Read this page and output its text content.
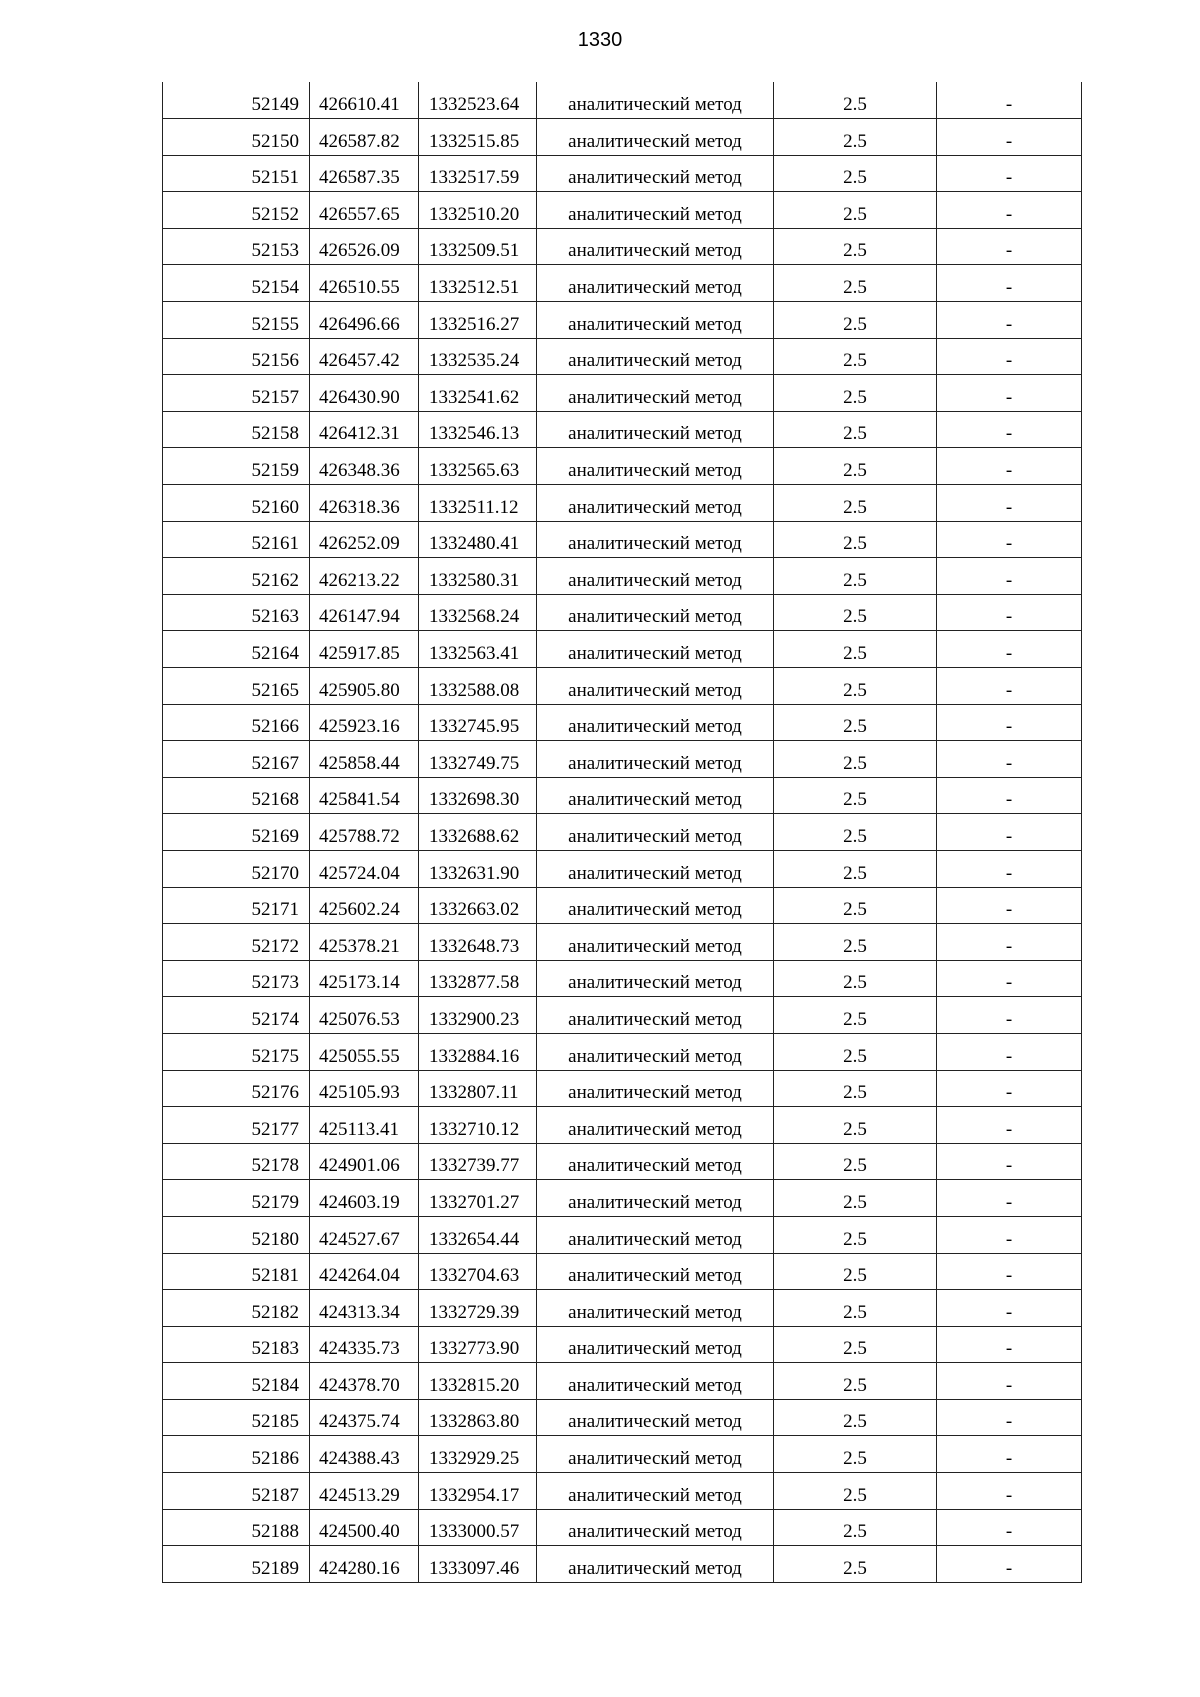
1330
52149	426610.41	1332523.64	аналитический метод	2.5	-
52150	426587.82	1332515.85	аналитический метод	2.5	-
52151	426587.35	1332517.59	аналитический метод	2.5	-
52152	426557.65	1332510.20	аналитический метод	2.5	-
52153	426526.09	1332509.51	аналитический метод	2.5	-
52154	426510.55	1332512.51	аналитический метод	2.5	-
52155	426496.66	1332516.27	аналитический метод	2.5	-
52156	426457.42	1332535.24	аналитический метод	2.5	-
52157	426430.90	1332541.62	аналитический метод	2.5	-
52158	426412.31	1332546.13	аналитический метод	2.5	-
52159	426348.36	1332565.63	аналитический метод	2.5	-
52160	426318.36	1332511.12	аналитический метод	2.5	-
52161	426252.09	1332480.41	аналитический метод	2.5	-
52162	426213.22	1332580.31	аналитический метод	2.5	-
52163	426147.94	1332568.24	аналитический метод	2.5	-
52164	425917.85	1332563.41	аналитический метод	2.5	-
52165	425905.80	1332588.08	аналитический метод	2.5	-
52166	425923.16	1332745.95	аналитический метод	2.5	-
52167	425858.44	1332749.75	аналитический метод	2.5	-
52168	425841.54	1332698.30	аналитический метод	2.5	-
52169	425788.72	1332688.62	аналитический метод	2.5	-
52170	425724.04	1332631.90	аналитический метод	2.5	-
52171	425602.24	1332663.02	аналитический метод	2.5	-
52172	425378.21	1332648.73	аналитический метод	2.5	-
52173	425173.14	1332877.58	аналитический метод	2.5	-
52174	425076.53	1332900.23	аналитический метод	2.5	-
52175	425055.55	1332884.16	аналитический метод	2.5	-
52176	425105.93	1332807.11	аналитический метод	2.5	-
52177	425113.41	1332710.12	аналитический метод	2.5	-
52178	424901.06	1332739.77	аналитический метод	2.5	-
52179	424603.19	1332701.27	аналитический метод	2.5	-
52180	424527.67	1332654.44	аналитический метод	2.5	-
52181	424264.04	1332704.63	аналитический метод	2.5	-
52182	424313.34	1332729.39	аналитический метод	2.5	-
52183	424335.73	1332773.90	аналитический метод	2.5	-
52184	424378.70	1332815.20	аналитический метод	2.5	-
52185	424375.74	1332863.80	аналитический метод	2.5	-
52186	424388.43	1332929.25	аналитический метод	2.5	-
52187	424513.29	1332954.17	аналитический метод	2.5	-
52188	424500.40	1333000.57	аналитический метод	2.5	-
52189	424280.16	1333097.46	аналитический метод	2.5	-
